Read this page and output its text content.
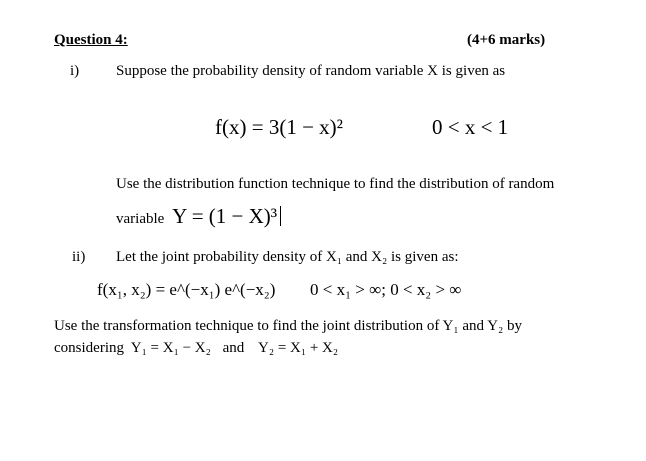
Question 4:	(4+6 marks)
i) Suppose the probability density of random variable X is given as
f(x) = 3(1 − x)²	0 < x < 1
Use the distribution function technique to find the distribution of random
variable Y = (1 − X)³
ii) Let the joint probability density of X₁ and X₂ is given as:
f(x₁, x₂) = e^(−x₁) e^(−x₂) 0 < x₁ > ∞; 0 < x₂ > ∞
Use the transformation technique to find the joint distribution of Y₁ and Y₂ by
considering Y₁ = X₁ − X₂ and Y₂ = X₁ + X₂
